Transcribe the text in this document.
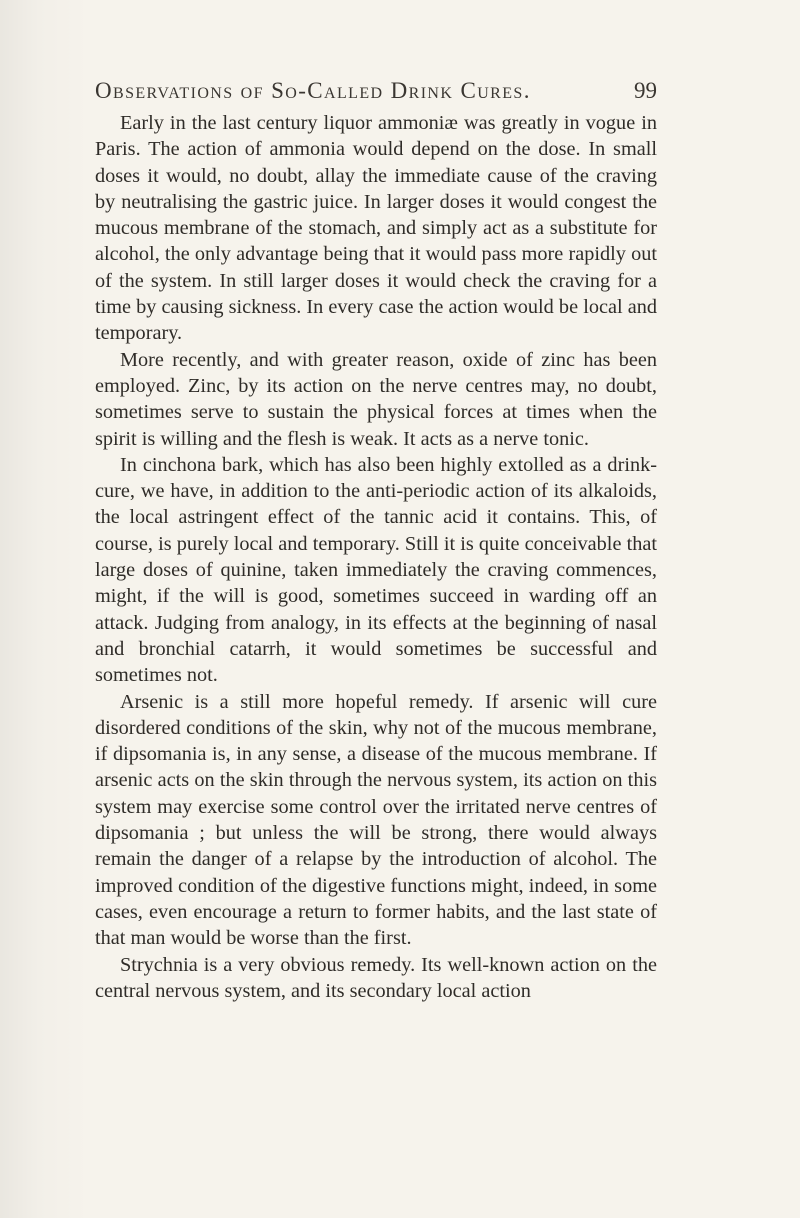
Observations of So-Called Drink Cures.	99

Early in the last century liquor ammoniæ was greatly in vogue in Paris. The action of ammonia would depend on the dose. In small doses it would, no doubt, allay the immediate cause of the craving by neutralising the gastric juice. In larger doses it would congest the mucous membrane of the stomach, and simply act as a substitute for alcohol, the only advantage being that it would pass more rapidly out of the system. In still larger doses it would check the craving for a time by causing sickness. In every case the action would be local and temporary.

More recently, and with greater reason, oxide of zinc has been employed. Zinc, by its action on the nerve centres may, no doubt, sometimes serve to sustain the physical forces at times when the spirit is willing and the flesh is weak. It acts as a nerve tonic.

In cinchona bark, which has also been highly extolled as a drink-cure, we have, in addition to the anti-periodic action of its alkaloids, the local astringent effect of the tannic acid it contains. This, of course, is purely local and temporary. Still it is quite conceivable that large doses of quinine, taken immediately the craving commences, might, if the will is good, sometimes succeed in warding off an attack. Judging from analogy, in its effects at the beginning of nasal and bronchial catarrh, it would sometimes be successful and sometimes not.

Arsenic is a still more hopeful remedy. If arsenic will cure disordered conditions of the skin, why not of the mucous membrane, if dipsomania is, in any sense, a disease of the mucous membrane. If arsenic acts on the skin through the nervous system, its action on this system may exercise some control over the irritated nerve centres of dipsomania ; but unless the will be strong, there would always remain the danger of a relapse by the introduction of alcohol. The improved condition of the digestive functions might, indeed, in some cases, even encourage a return to former habits, and the last state of that man would be worse than the first.

Strychnia is a very obvious remedy. Its well-known action on the central nervous system, and its secondary local action
